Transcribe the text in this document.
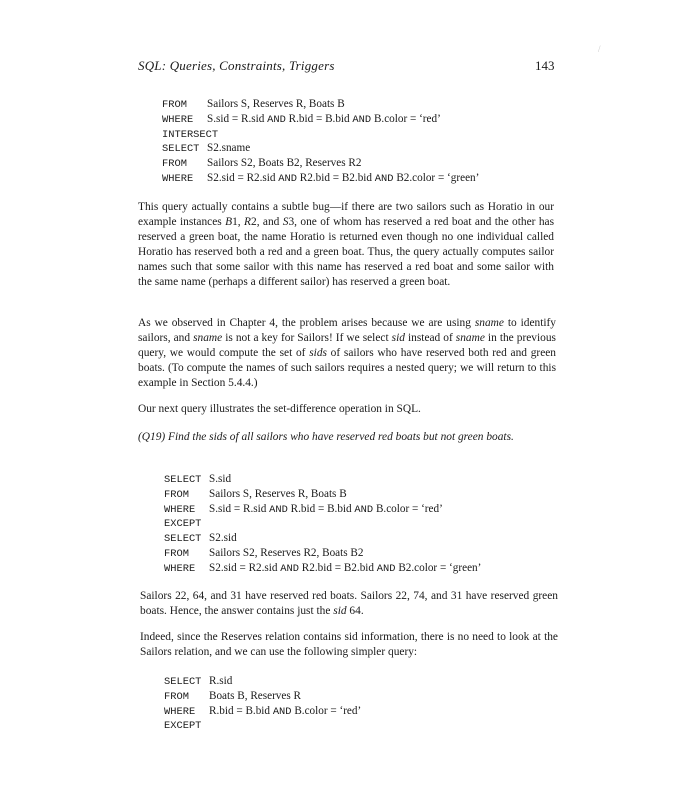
SQL: Queries, Constraints, Triggers	143
/
FROM Sailors S, Reserves R, Boats B
WHERE S.sid = R.sid AND R.bid = B.bid AND B.color = ‘red’
INTERSECT
SELECT S2.sname
FROM Sailors S2, Boats B2, Reserves R2
WHERE S2.sid = R2.sid AND R2.bid = B2.bid AND B2.color = ‘green’

This query actually contains a subtle bug—if there are two sailors such as Horatio in our example instances B1, R2, and S3, one of whom has reserved a red boat and the other has reserved a green boat, the name Horatio is returned even though no one individual called Horatio has reserved both a red and a green boat. Thus, the query actually computes sailor names such that some sailor with this name has reserved a red boat and some sailor with the same name (perhaps a different sailor) has reserved a green boat.

As we observed in Chapter 4, the problem arises because we are using sname to identify sailors, and sname is not a key for Sailors! If we select sid instead of sname in the previous query, we would compute the set of sids of sailors who have reserved both red and green boats. (To compute the names of such sailors requires a nested query; we will return to this example in Section 5.4.4.)

Our next query illustrates the set-difference operation in SQL.

(Q19) Find the sids of all sailors who have reserved red boats but not green boats.

SELECT S.sid
FROM Sailors S, Reserves R, Boats B
WHERE S.sid = R.sid AND R.bid = B.bid AND B.color = ‘red’
EXCEPT
SELECT S2.sid
FROM Sailors S2, Reserves R2, Boats B2
WHERE S2.sid = R2.sid AND R2.bid = B2.bid AND B2.color = ‘green’

Sailors 22, 64, and 31 have reserved red boats. Sailors 22, 74, and 31 have reserved green boats. Hence, the answer contains just the sid 64.

Indeed, since the Reserves relation contains sid information, there is no need to look at the Sailors relation, and we can use the following simpler query:

SELECT R.sid
FROM Boats B, Reserves R
WHERE R.bid = B.bid AND B.color = ‘red’
EXCEPT
